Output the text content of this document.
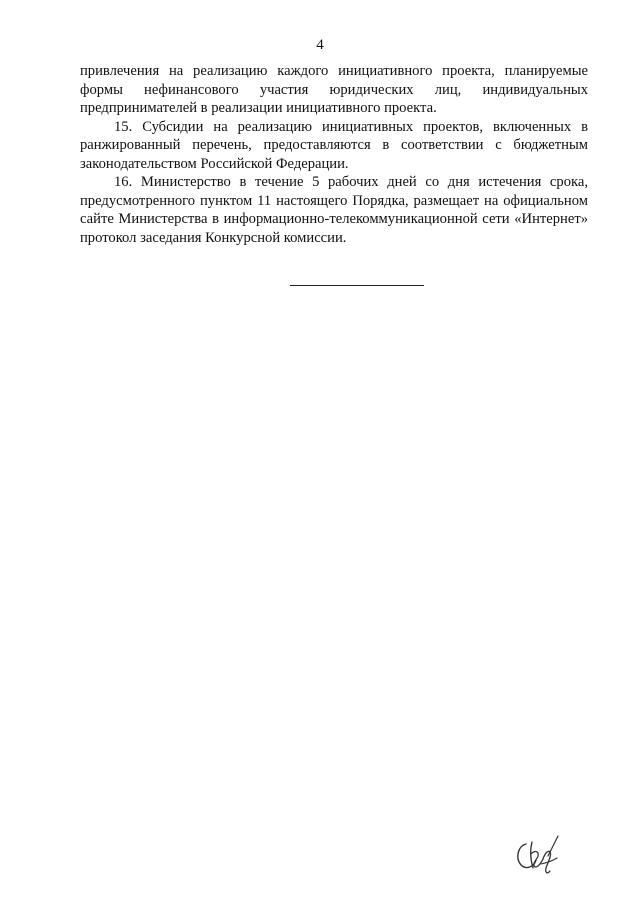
4

привлечения на реализацию каждого инициативного проекта, планируемые формы нефинансового участия юридических лиц, индивидуальных предпринимателей в реализации инициативного проекта.

15. Субсидии на реализацию инициативных проектов, включенных в ранжированный перечень, предоставляются в соответствии с бюджетным законодательством Российской Федерации.

16. Министерство в течение 5 рабочих дней со дня истечения срока, предусмотренного пунктом 11 настоящего Порядка, размещает на официальном сайте Министерства в информационно-телекоммуникационной сети «Интернет» протокол заседания Конкурсной комиссии.
